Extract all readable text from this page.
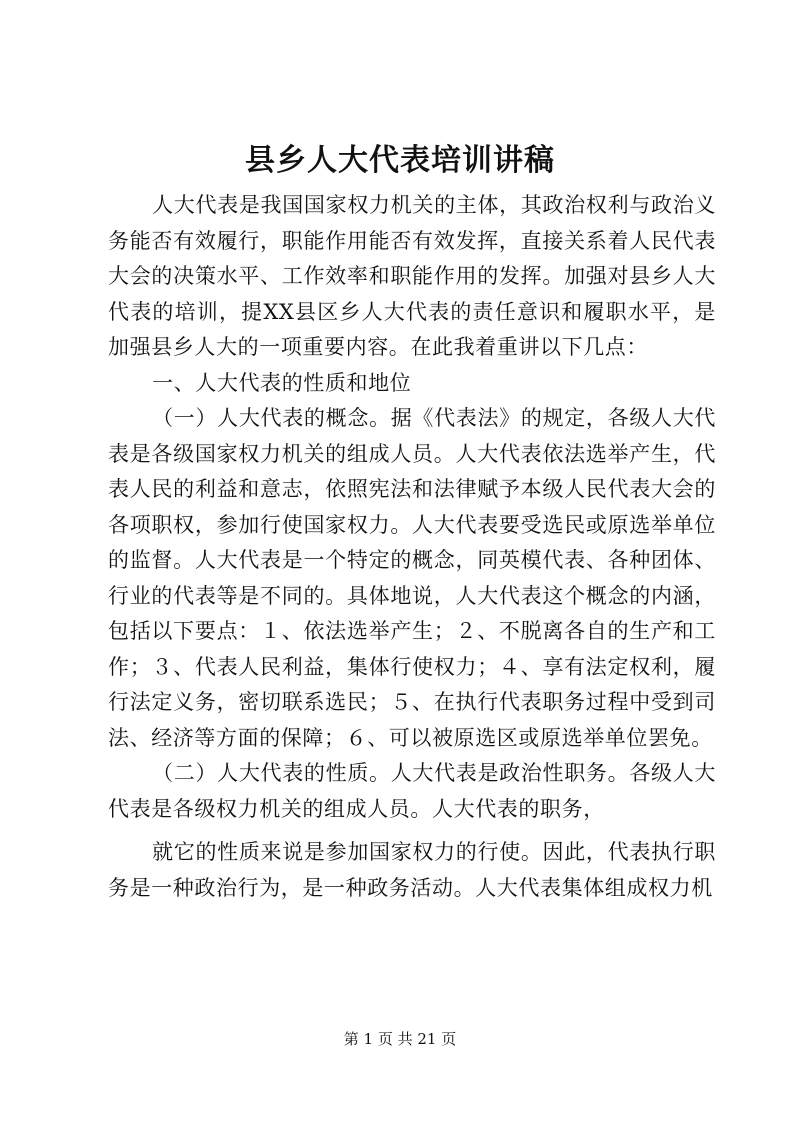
县乡人大代表培训讲稿

人大代表是我国国家权力机关的主体，其政治权利与政治义务能否有效履行，职能作用能否有效发挥，直接关系着人民代表大会的决策水平、工作效率和职能作用的发挥。加强对县乡人大代表的培训，提XX县区乡人大代表的责任意识和履职水平，是加强县乡人大的一项重要内容。在此我着重讲以下几点：

一、人大代表的性质和地位

（一）人大代表的概念。据《代表法》的规定，各级人大代表是各级国家权力机关的组成人员。人大代表依法选举产生，代表人民的利益和意志，依照宪法和法律赋予本级人民代表大会的各项职权，参加行使国家权力。人大代表要受选民或原选举单位的监督。人大代表是一个特定的概念，同英模代表、各种团体、行业的代表等是不同的。具体地说，人大代表这个概念的内涵，包括以下要点：１、依法选举产生；２、不脱离各自的生产和工作；３、代表人民利益，集体行使权力；４、享有法定权利，履行法定义务，密切联系选民；５、在执行代表职务过程中受到司法、经济等方面的保障；６、可以被原选区或原选举单位罢免。

（二）人大代表的性质。人大代表是政治性职务。各级人大代表是各级权力机关的组成人员。人大代表的职务，

就它的性质来说是参加国家权力的行使。因此，代表执行职务是一种政治行为，是一种政务活动。人大代表集体组成权力机

第 1 页 共 21 页
